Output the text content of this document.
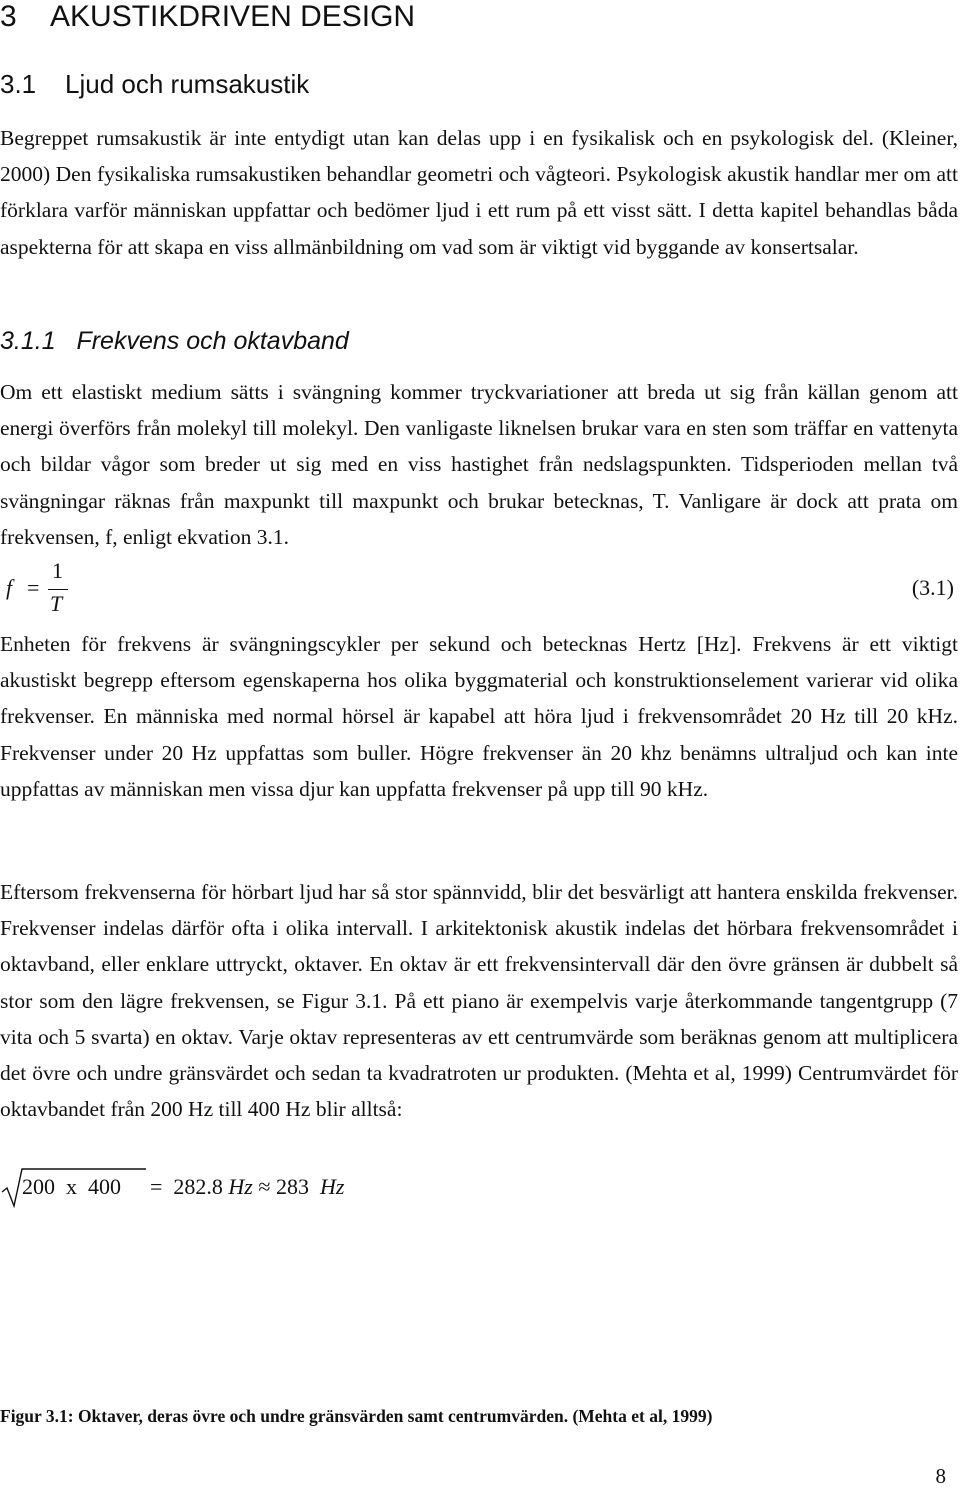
3    AKUSTIKDRIVEN DESIGN
3.1    Ljud och rumsakustik

Begreppet rumsakustik är inte entydigt utan kan delas upp i en fysikalisk och en psykologisk del. (Kleiner, 2000) Den fysikaliska rumsakustiken behandlar geometri och vågteori. Psykologisk akustik handlar mer om att förklara varför människan uppfattar och bedömer ljud i ett rum på ett visst sätt. I detta kapitel behandlas båda aspekterna för att skapa en viss allmänbildning om vad som är viktigt vid byggande av konsertsalar.

3.1.1   Frekvens och oktavband

Om ett elastiskt medium sätts i svängning kommer tryckvariationer att breda ut sig från källan genom att energi överförs från molekyl till molekyl. Den vanligaste liknelsen brukar vara en sten som träffar en vattenyta och bildar vågor som breder ut sig med en viss hastighet från nedslagspunkten. Tidsperioden mellan två svängningar räknas från maxpunkt till maxpunkt och brukar betecknas, T. Vanligare är dock att prata om frekvensen, f, enligt ekvation 3.1.

f =
1
T
(3.1)

Enheten för frekvens är svängningscykler per sekund och betecknas Hertz [Hz]. Frekvens är ett viktigt akustiskt begrepp eftersom egenskaperna hos olika byggmaterial och konstruktionselement varierar vid olika frekvenser. En människa med normal hörsel är kapabel att höra ljud i frekvensområdet 20 Hz till 20 kHz. Frekvenser under 20 Hz uppfattas som buller. Högre frekvenser än 20 khz benämns ultraljud och kan inte uppfattas av människan men vissa djur kan uppfatta frekvenser på upp till 90 kHz.

Eftersom frekvenserna för hörbart ljud har så stor spännvidd, blir det besvärligt att hantera enskilda frekvenser. Frekvenser indelas därför ofta i olika intervall. I arkitektonisk akustik indelas det hörbara frekvensområdet i oktavband, eller enklare uttryckt, oktaver. En oktav är ett frekvensintervall där den övre gränsen är dubbelt så stor som den lägre frekvensen, se Figur 3.1. På ett piano är exempelvis varje återkommande tangentgrupp (7 vita och 5 svarta) en oktav. Varje oktav representeras av ett centrumvärde som beräknas genom att multiplicera det övre och undre gränsvärdet och sedan ta kvadratroten ur produkten. (Mehta et al, 1999) Centrumvärdet för oktavbandet från 200 Hz till 400 Hz blir alltså:

200  x  400 =  282.8 Hz ≈ 283 Hz
Figur 3.1: Oktaver, deras övre och undre gränsvärden samt centrumvärden. (Mehta et al, 1999)
8
